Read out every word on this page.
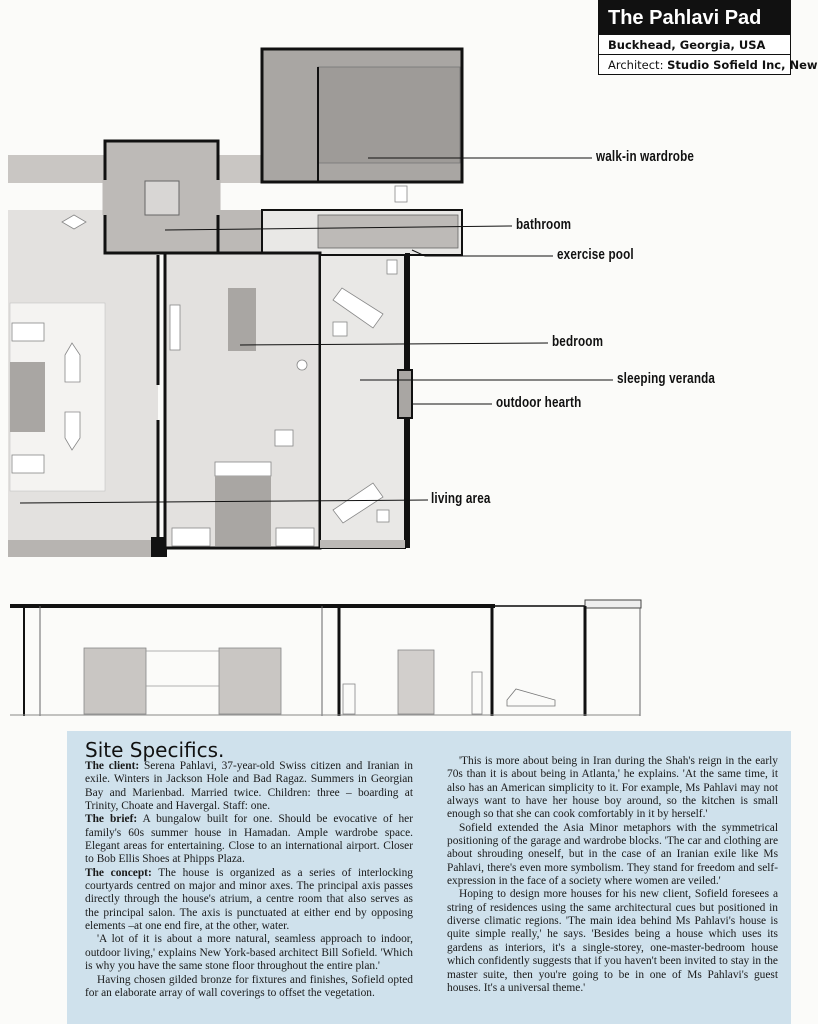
The Pahlavi Pad
Buckhead, Georgia, USA
Architect: Studio Sofield Inc, New
walk-in wardrobe
bathroom
exercise pool
bedroom
sleeping veranda
outdoor hearth
living area
Site Specifics.

The client: Serena Pahlavi, 37-year-old Swiss citizen and Iranian in exile. Winters in Jackson Hole and Bad Ragaz. Summers in Georgian Bay and Marienbad. Married twice. Children: three – boarding at Trinity, Choate and Havergal. Staff: one.

The brief: A bungalow built for one. Should be evocative of her family's 60s summer house in Hamadan. Ample wardrobe space. Elegant areas for entertaining. Close to an international airport. Closer to Bob Ellis Shoes at Phipps Plaza.

The concept: The house is organized as a series of interlocking courtyards centred on major and minor axes. The principal axis passes directly through the house's atrium, a centre room that also serves as the principal salon. The axis is punctuated at either end by opposing elements –at one end fire, at the other, water.

'A lot of it is about a more natural, seamless approach to indoor, outdoor living,' explains New York-based architect Bill Sofield. 'Which is why you have the same stone floor throughout the entire plan.'

Having chosen gilded bronze for fixtures and finishes, Sofield opted for an elaborate array of wall coverings to offset the vegetation.

'This is more about being in Iran during the Shah's reign in the early 70s than it is about being in Atlanta,' he explains. 'At the same time, it also has an American simplicity to it. For example, Ms Pahlavi may not always want to have her house boy around, so the kitchen is small enough so that she can cook comfortably in it by herself.'

Sofield extended the Asia Minor metaphors with the symmetrical positioning of the garage and wardrobe blocks. 'The car and clothing are about shrouding oneself, but in the case of an Iranian exile like Ms Pahlavi, there's even more symbolism. They stand for freedom and self-expression in the face of a society where women are veiled.'

Hoping to design more houses for his new client, Sofield foresees a string of residences using the same architectural cues but positioned in diverse climatic regions. 'The main idea behind Ms Pahlavi's house is quite simple really,' he says. 'Besides being a house which uses its gardens as interiors, it's a single-storey, one-master-bedroom house which confidently suggests that if you haven't been invited to stay in the master suite, then you're going to be in one of Ms Pahlavi's guest houses. It's a universal theme.'
